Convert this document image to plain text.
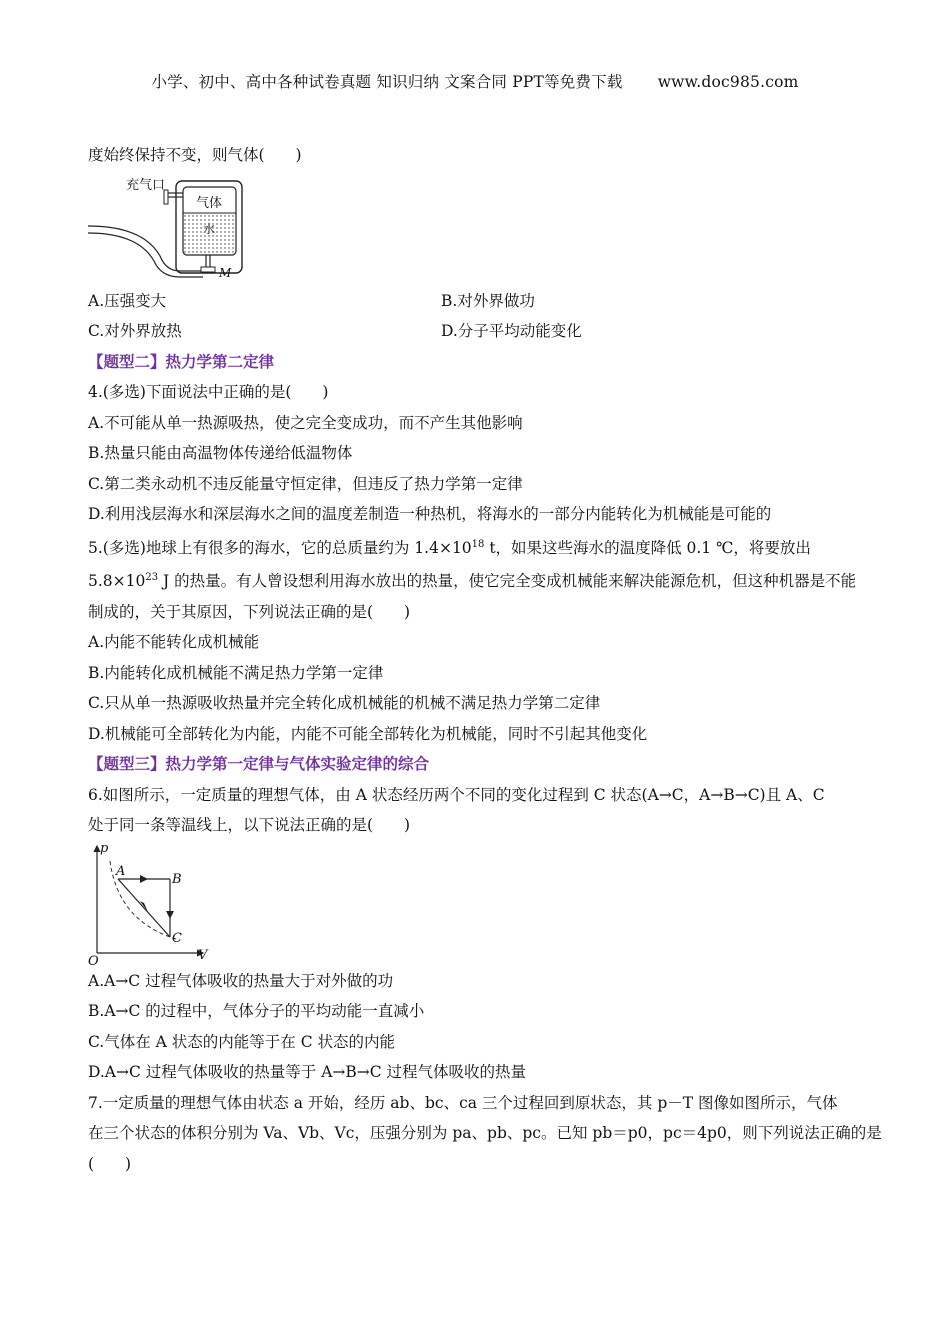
小学、初中、高中各种试卷真题 知识归纳 文案合同 PPT等免费下载 www.doc985.com
度始终保持不变，则气体(　　)
充气口
气体
水
M
A.压强变大	B.对外界做功
C.对外界放热	D.分子平均动能变化
【题型二】热力学第二定律
4.(多选)下面说法中正确的是(　　)
A.不可能从单一热源吸热，使之完全变成功，而不产生其他影响
B.热量只能由高温物体传递给低温物体
C.第二类永动机不违反能量守恒定律，但违反了热力学第一定律
D.利用浅层海水和深层海水之间的温度差制造一种热机，将海水的一部分内能转化为机械能是可能的
5.(多选)地球上有很多的海水，它的总质量约为 $1.4\times 10^{18}$ t，如果这些海水的温度降低 0.1 ℃，将要放出 $5.8\times 10^{23}$ J 的热量。有人曾设想利用海水放出的热量，使它完全变成机械能来解决能源危机，但这种机器是不能制成的，关于其原因，下列说法正确的是(　　)
A.内能不能转化成机械能
B.内能转化成机械能不满足热力学第一定律
C.只从单一热源吸收热量并完全转化成机械能的机械不满足热力学第二定律
D.机械能可全部转化为内能，内能不可能全部转化为机械能，同时不引起其他变化
【题型三】热力学第一定律与气体实验定律的综合
6.如图所示，一定质量的理想气体，由 A 状态经历两个不同的变化过程到 C 状态(A→C，A→B→C)且 A、C
处于同一条等温线上，以下说法正确的是(　　)
p
V
O
A
B
C
A.A→C 过程气体吸收的热量大于对外做的功
B.A→C 的过程中，气体分子的平均动能一直减小
C.气体在 A 状态的内能等于在 C 状态的内能
D.A→C 过程气体吸收的热量等于 A→B→C 过程气体吸收的热量
7.一定质量的理想气体由状态 a 开始，经历 ab、bc、ca 三个过程回到原状态，其 p－T 图像如图所示，气体
在三个状态的体积分别为 Va、Vb、Vc，压强分别为 pa、pb、pc。已知 pb＝p0，pc＝4p0，则下列说法正确的是
(　　)
